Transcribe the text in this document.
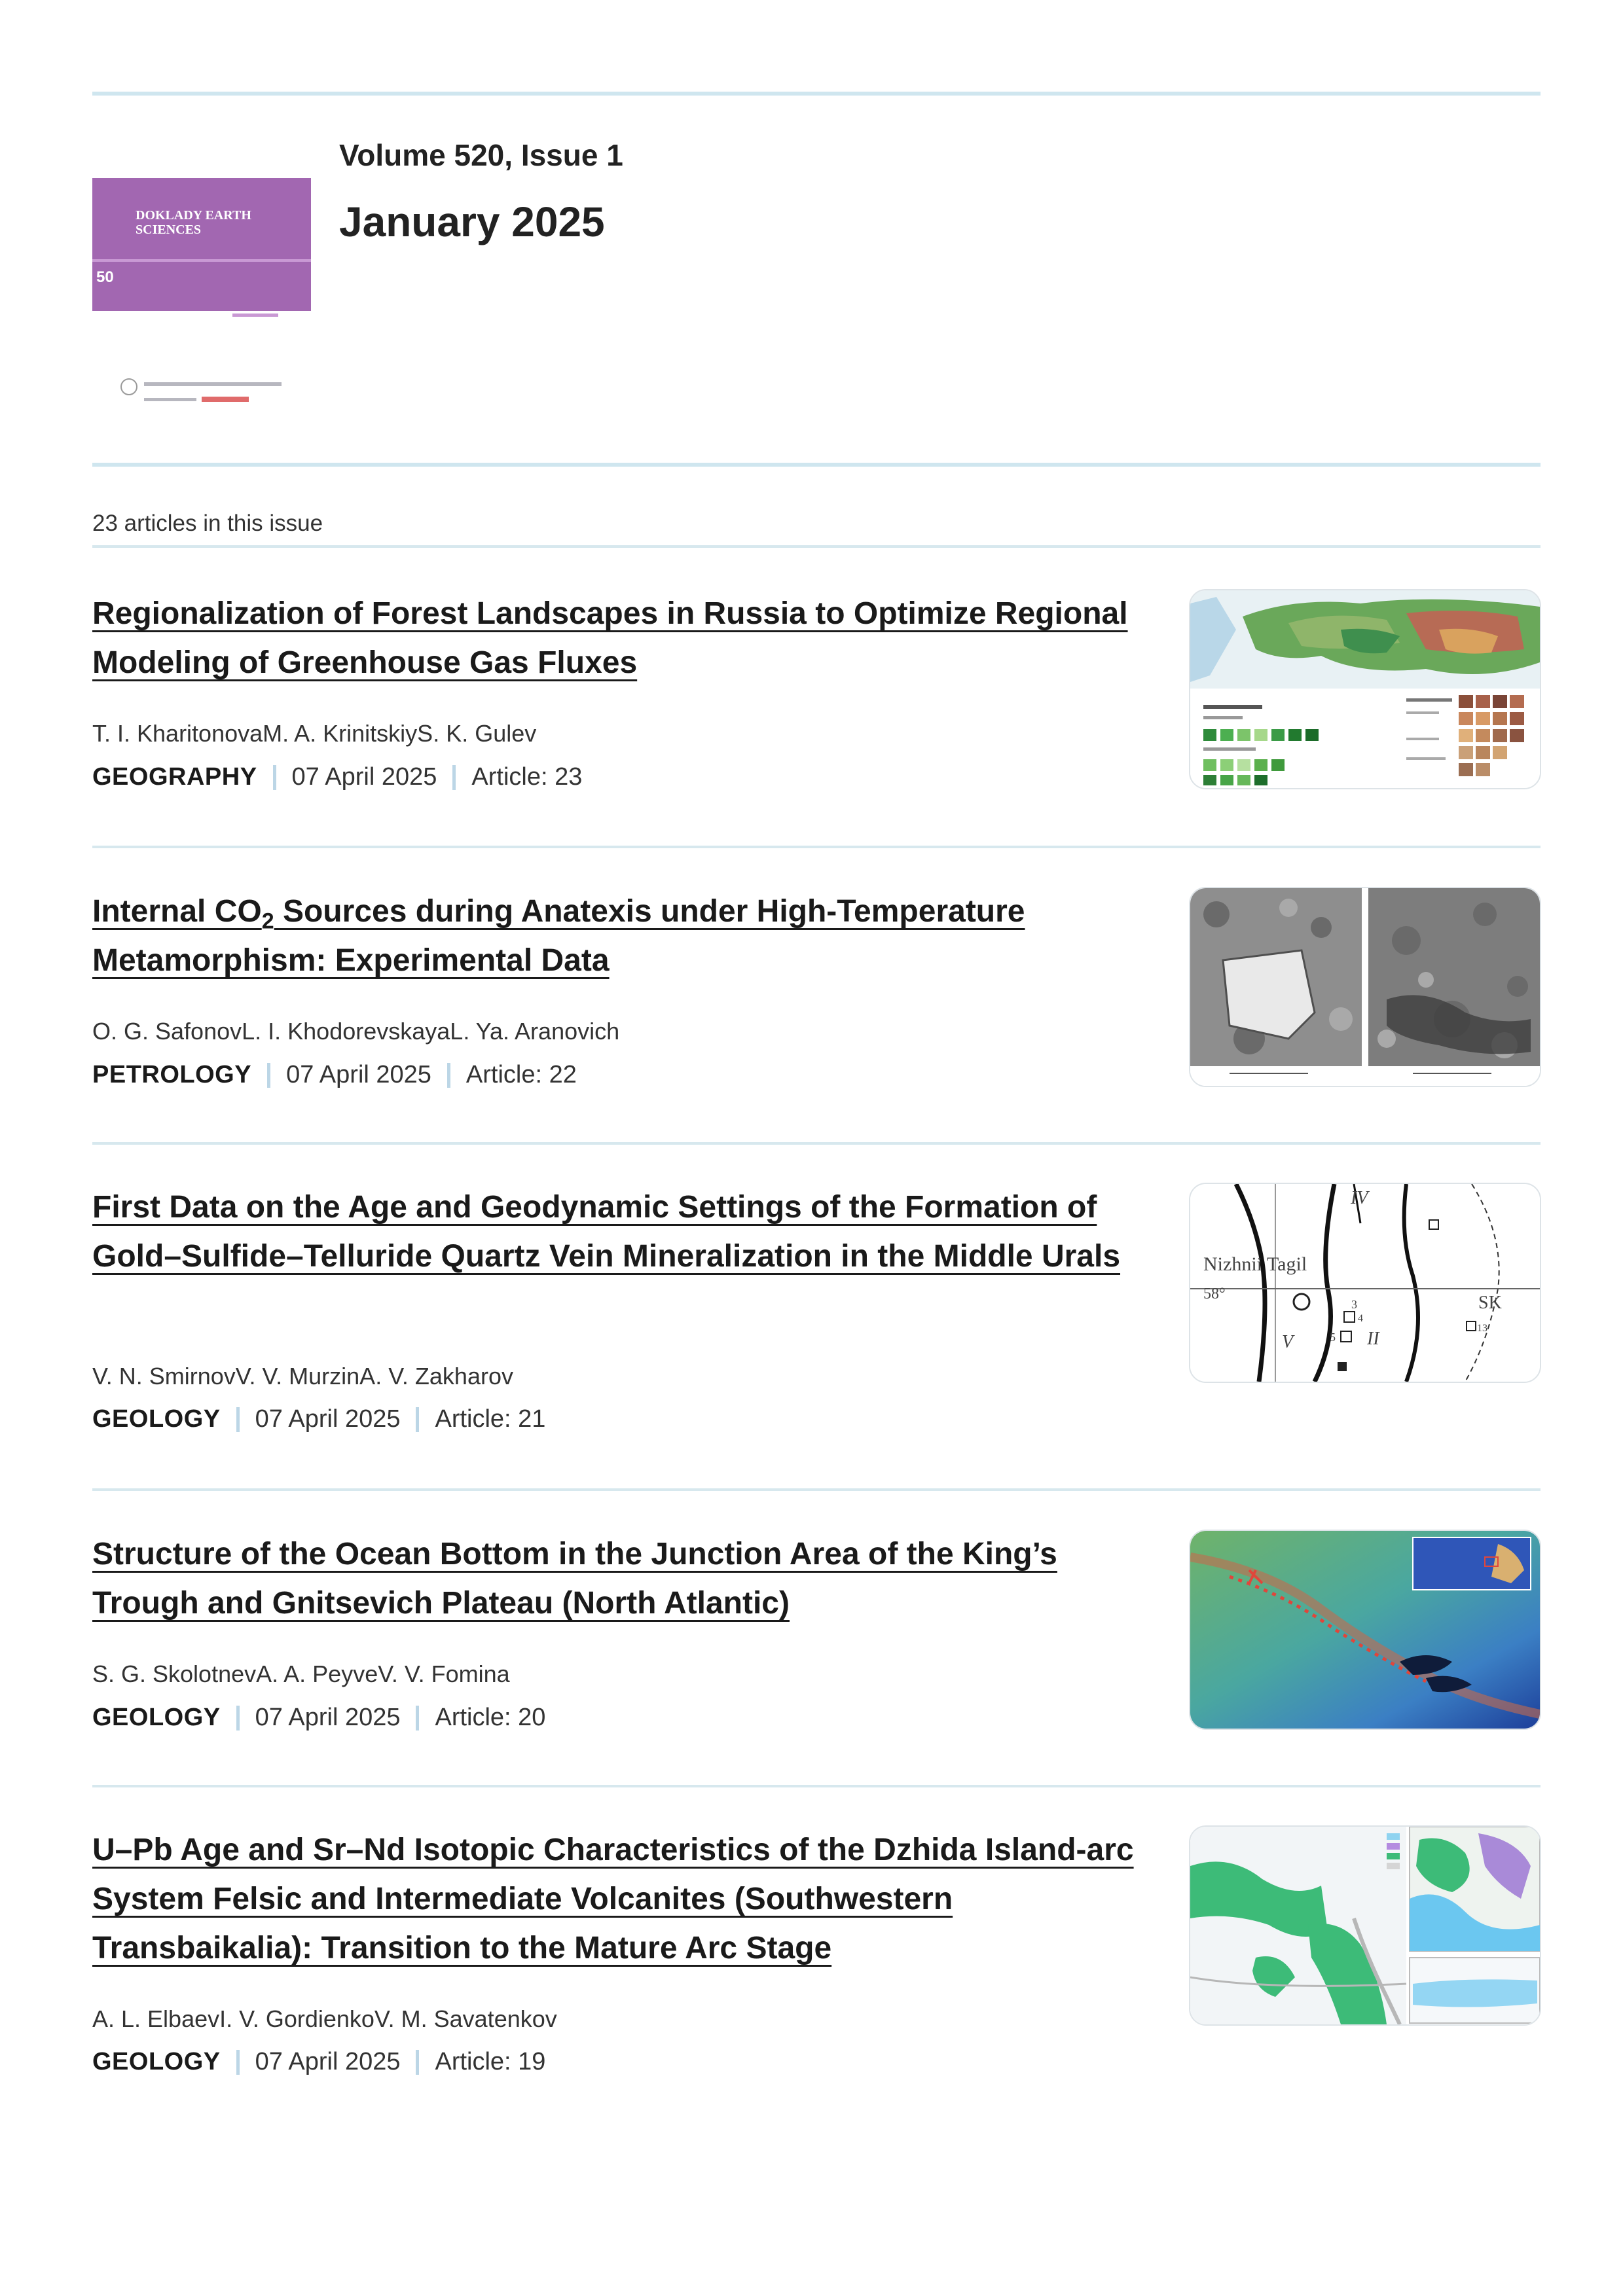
DOKLADY EARTH
SCIENCES
50
Volume 520, Issue 1
January 2025
23 articles in this issue
Regionalization of Forest Landscapes in Russia to Optimize Regional Modeling of Greenhouse Gas Fluxes
T. I. KharitonovaM. A. KrinitskiyS. K. Gulev
GEOGRAPHY 07 April 2025 Article: 23
Internal $CO_2$ Sources during Anatexis under High-Temperature Metamorphism: Experimental Data
O. G. SafonovL. I. KhodorevskayaL. Ya. Aranovich
PETROLOGY 07 April 2025 Article: 22
First Data on the Age and Geodynamic Settings of the Formation of Gold–Sulfide–Telluride Quartz Vein Mineralization in the Middle Urals
V. N. SmirnovV. V. MurzinA. V. Zakharov
GEOLOGY 07 April 2025 Article: 21
Nizhnii Tagil
58°
IV
V	II
SK
3
4
5
13
Structure of the Ocean Bottom in the Junction Area of the King’s Trough and Gnitsevich Plateau (North Atlantic)
S. G. SkolotnevA. A. PeyveV. V. Fomina
GEOLOGY 07 April 2025 Article: 20
U–Pb Age and Sr–Nd Isotopic Characteristics of the Dzhida Island-arc System Felsic and Intermediate Volcanites (Southwestern Transbaikalia): Transition to the Mature Arc Stage
A. L. ElbaevI. V. GordienkoV. M. Savatenkov
GEOLOGY 07 April 2025 Article: 19
